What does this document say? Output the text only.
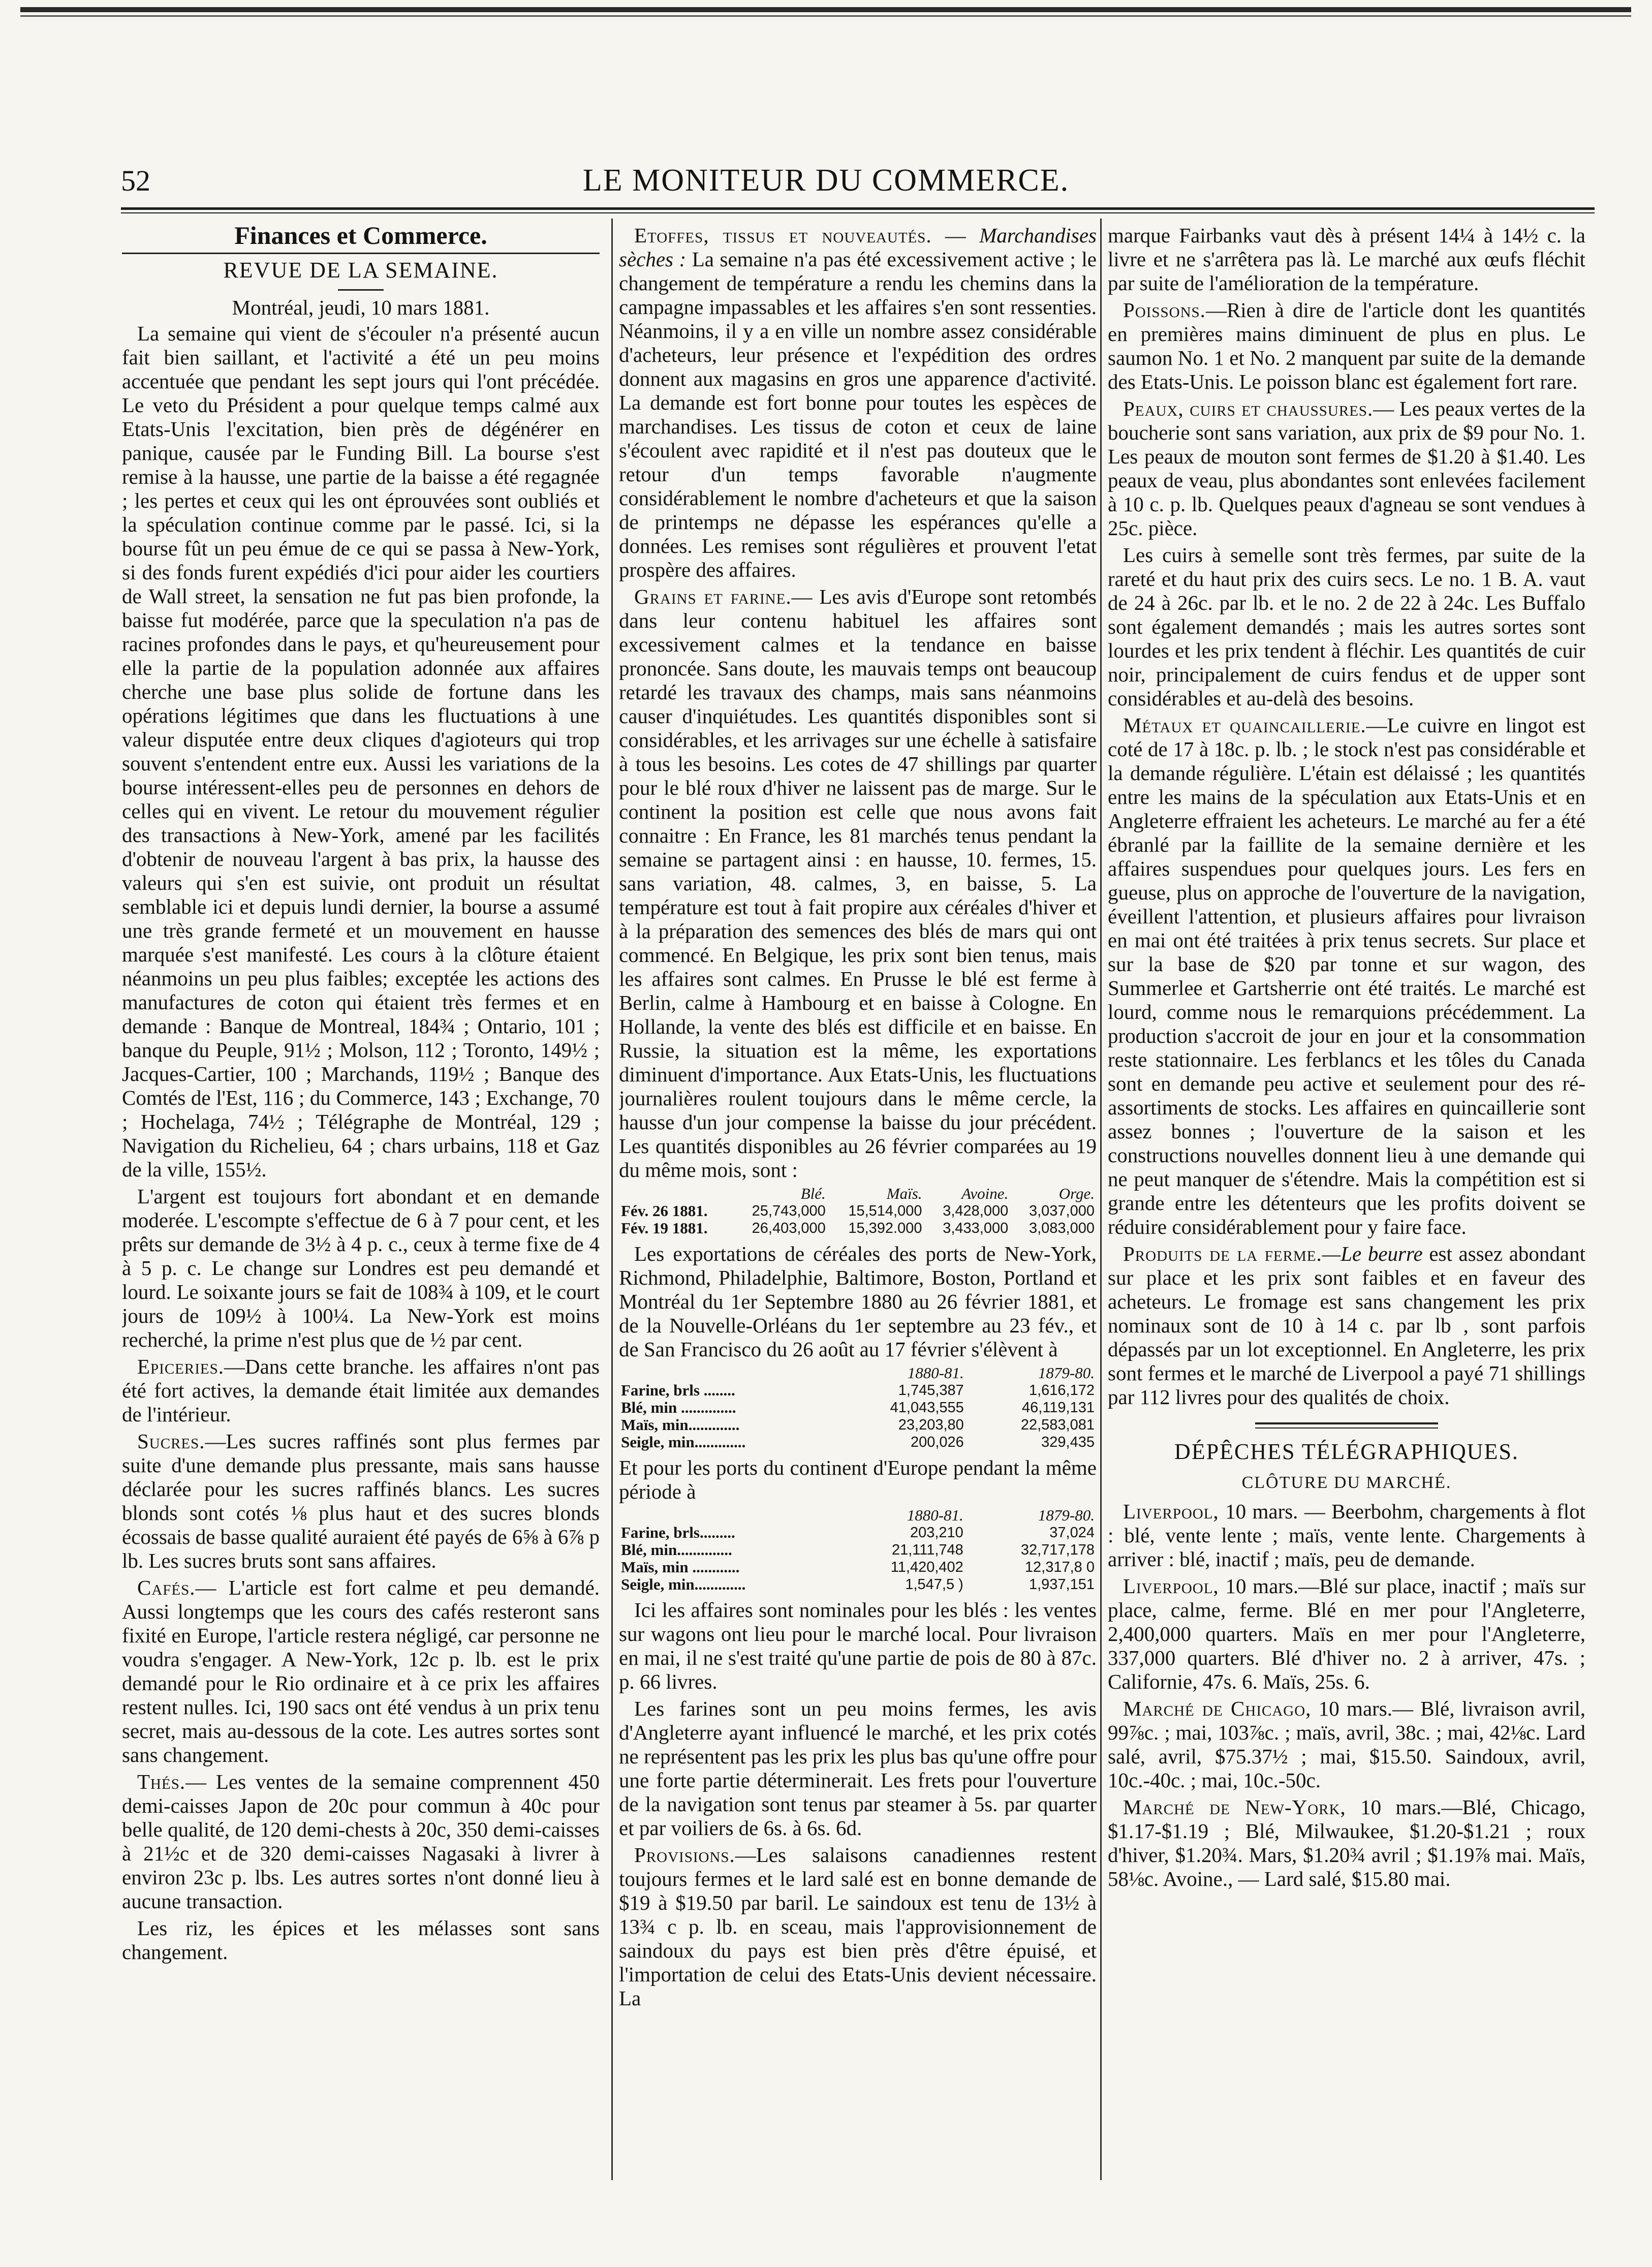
52	LE MONITEUR DU COMMERCE.
Finances et Commerce.
REVUE DE LA SEMAINE.
Montréal, jeudi, 10 mars 1881.

La semaine qui vient de s'écouler n'a présenté aucun fait bien saillant, et l'activité a été un peu moins accentuée que pendant les sept jours qui l'ont précédée. Le veto du Président a pour quelque temps calmé aux Etats-Unis l'excitation, bien près de dégénérer en panique, causée par le Funding Bill. La bourse s'est remise à la hausse, une partie de la baisse a été regagnée ; les pertes et ceux qui les ont éprouvées sont oubliés et la spéculation continue comme par le passé. Ici, si la bourse fût un peu émue de ce qui se passa à New-York, si des fonds furent expédiés d'ici pour aider les courtiers de Wall street, la sensation ne fut pas bien profonde, la baisse fut modérée, parce que la speculation n'a pas de racines profondes dans le pays, et qu'heureusement pour elle la partie de la population adonnée aux affaires cherche une base plus solide de fortune dans les opérations légitimes que dans les fluctuations à une valeur disputée entre deux cliques d'agioteurs qui trop souvent s'entendent entre eux. Aussi les variations de la bourse intéressent-elles peu de personnes en dehors de celles qui en vivent. Le retour du mouvement régulier des transactions à New-York, amené par les facilités d'obtenir de nouveau l'argent à bas prix, la hausse des valeurs qui s'en est suivie, ont produit un résultat semblable ici et depuis lundi dernier, la bourse a assumé une très grande fermeté et un mouvement en hausse marquée s'est manifesté. Les cours à la clôture étaient néanmoins un peu plus faibles; exceptée les actions des manufactures de coton qui étaient très fermes et en demande : Banque de Montreal, 184¾ ; Ontario, 101 ; banque du Peuple, 91½ ; Molson, 112 ; Toronto, 149½ ; Jacques-Cartier, 100 ; Marchands, 119½ ; Banque des Comtés de l'Est, 116 ; du Commerce, 143 ; Exchange, 70 ; Hochelaga, 74½ ; Télégraphe de Montréal, 129 ; Navigation du Richelieu, 64 ; chars urbains, 118 et Gaz de la ville, 155½.

L'argent est toujours fort abondant et en demande moderée. L'escompte s'effectue de 6 à 7 pour cent, et les prêts sur demande de 3½ à 4 p. c., ceux à terme fixe de 4 à 5 p. c. Le change sur Londres est peu demandé et lourd. Le soixante jours se fait de 108¾ à 109, et le court jours de 109½ à 100¼. La New-York est moins recherché, la prime n'est plus que de ½ par cent.

Epiceries.—Dans cette branche. les affaires n'ont pas été fort actives, la demande était limitée aux demandes de l'intérieur.

Sucres.—Les sucres raffinés sont plus fermes par suite d'une demande plus pressante, mais sans hausse déclarée pour les sucres raffinés blancs. Les sucres blonds sont cotés ⅛ plus haut et des sucres blonds écossais de basse qualité auraient été payés de 6⅝ à 6⅞ p lb. Les sucres bruts sont sans affaires.

Cafés.— L'article est fort calme et peu demandé. Aussi longtemps que les cours des cafés resteront sans fixité en Europe, l'article restera négligé, car personne ne voudra s'engager. A New-York, 12c p. lb. est le prix demandé pour le Rio ordinaire et à ce prix les affaires restent nulles. Ici, 190 sacs ont été vendus à un prix tenu secret, mais au-dessous de la cote. Les autres sortes sont sans changement.

Thés.— Les ventes de la semaine comprennent 450 demi-caisses Japon de 20c pour commun à 40c pour belle qualité, de 120 demi-chests à 20c, 350 demi-caisses à 21½c et de 320 demi-caisses Nagasaki à livrer à environ 23c p. lbs. Les autres sortes n'ont donné lieu à aucune transaction.

Les riz, les épices et les mélasses sont sans changement.

Etoffes, tissus et nouveautés. — Marchandises sèches : La semaine n'a pas été excessivement active ; le changement de température a rendu les chemins dans la campagne impassables et les affaires s'en sont ressenties. Néanmoins, il y a en ville un nombre assez considérable d'acheteurs, leur présence et l'expédition des ordres donnent aux magasins en gros une apparence d'activité. La demande est fort bonne pour toutes les espèces de marchandises. Les tissus de coton et ceux de laine s'écoulent avec rapidité et il n'est pas douteux que le retour d'un temps favorable n'augmente considérablement le nombre d'acheteurs et que la saison de printemps ne dépasse les espérances qu'elle a données. Les remises sont régulières et prouvent l'etat prospère des affaires.

Grains et farine.— Les avis d'Europe sont retombés dans leur contenu habituel les affaires sont excessivement calmes et la tendance en baisse prononcée. Sans doute, les mauvais temps ont beaucoup retardé les travaux des champs, mais sans néanmoins causer d'inquiétudes. Les quantités disponibles sont si considérables, et les arrivages sur une échelle à satisfaire à tous les besoins. Les cotes de 47 shillings par quarter pour le blé roux d'hiver ne laissent pas de marge. Sur le continent la position est celle que nous avons fait connaitre : En France, les 81 marchés tenus pendant la semaine se partagent ainsi : en hausse, 10. fermes, 15. sans variation, 48. calmes, 3, en baisse, 5. La température est tout à fait propire aux céréales d'hiver et à la préparation des semences des blés de mars qui ont commencé. En Belgique, les prix sont bien tenus, mais les affaires sont calmes. En Prusse le blé est ferme à Berlin, calme à Hambourg et en baisse à Cologne. En Hollande, la vente des blés est difficile et en baisse. En Russie, la situation est la même, les exportations diminuent d'importance. Aux Etats-Unis, les fluctuations journalières roulent toujours dans le même cercle, la hausse d'un jour compense la baisse du jour précédent. Les quantités disponibles au 26 février comparées au 19 du même mois, sont :

	Blé.	Maïs.	Avoine.	Orge.
Fév. 26 1881.	25,743,000	15,514,000	3,428,000	3,037,000
Fév. 19 1881.	26,403,000	15,392.000	3,433,000	3,083,000

Les exportations de céréales des ports de New-York, Richmond, Philadelphie, Baltimore, Boston, Portland et Montréal du 1er Septembre 1880 au 26 février 1881, et de la Nouvelle-Orléans du 1er septembre au 23 fév., et de San Francisco du 26 août au 17 février s'élèvent à

	1880-81.	1879-80.
Farine, brls ........	1,745,387	1,616,172
Blé, min ..............	41,043,555	46,119,131
Maïs, min.............	23,203,80	22,583,081
Seigle, min.............	200,026	329,435

Et pour les ports du continent d'Europe pendant la même période à

	1880-81.	1879-80.
Farine, brls.........	203,210	37,024
Blé, min..............	21,111,748	32,717,178
Maïs, min ............	11,420,402	12,317,8 0
Seigle, min.............	1,547,5 )	1,937,151

Ici les affaires sont nominales pour les blés : les ventes sur wagons ont lieu pour le marché local. Pour livraison en mai, il ne s'est traité qu'une partie de pois de 80 à 87c. p. 66 livres.

Les farines sont un peu moins fermes, les avis d'Angleterre ayant influencé le marché, et les prix cotés ne représentent pas les prix les plus bas qu'une offre pour une forte partie déterminerait. Les frets pour l'ouverture de la navigation sont tenus par steamer à 5s. par quarter et par voiliers de 6s. à 6s. 6d.

Provisions.—Les salaisons canadiennes restent toujours fermes et le lard salé est en bonne demande de $19 à $19.50 par baril. Le saindoux est tenu de 13½ à 13¾ c p. lb. en sceau, mais l'approvisionnement de saindoux du pays est bien près d'être épuisé, et l'importation de celui des Etats-Unis devient nécessaire. La

marque Fairbanks vaut dès à présent 14¼ à 14½ c. la livre et ne s'arrêtera pas là. Le marché aux œufs fléchit par suite de l'amélioration de la température.

Poissons.—Rien à dire de l'article dont les quantités en premières mains diminuent de plus en plus. Le saumon No. 1 et No. 2 manquent par suite de la demande des Etats-Unis. Le poisson blanc est également fort rare.

Peaux, cuirs et chaussures.— Les peaux vertes de la boucherie sont sans variation, aux prix de $9 pour No. 1. Les peaux de mouton sont fermes de $1.20 à $1.40. Les peaux de veau, plus abondantes sont enlevées facilement à 10 c. p. lb. Quelques peaux d'agneau se sont vendues à 25c. pièce.

Les cuirs à semelle sont très fermes, par suite de la rareté et du haut prix des cuirs secs. Le no. 1 B. A. vaut de 24 à 26c. par lb. et le no. 2 de 22 à 24c. Les Buffalo sont également demandés ; mais les autres sortes sont lourdes et les prix tendent à fléchir. Les quantités de cuir noir, principalement de cuirs fendus et de upper sont considérables et au-delà des besoins.

Métaux et quaincaillerie.—Le cuivre en lingot est coté de 17 à 18c. p. lb. ; le stock n'est pas considérable et la demande régulière. L'étain est délaissé ; les quantités entre les mains de la spéculation aux Etats-Unis et en Angleterre effraient les acheteurs. Le marché au fer a été ébranlé par la faillite de la semaine dernière et les affaires suspendues pour quelques jours. Les fers en gueuse, plus on approche de l'ouverture de la navigation, éveillent l'attention, et plusieurs affaires pour livraison en mai ont été traitées à prix tenus secrets. Sur place et sur la base de $20 par tonne et sur wagon, des Summerlee et Gartsherrie ont été traités. Le marché est lourd, comme nous le remarquions précédemment. La production s'accroit de jour en jour et la consommation reste stationnaire. Les ferblancs et les tôles du Canada sont en demande peu active et seulement pour des ré-assortiments de stocks. Les affaires en quincaillerie sont assez bonnes ; l'ouverture de la saison et les constructions nouvelles donnent lieu à une demande qui ne peut manquer de s'étendre. Mais la compétition est si grande entre les détenteurs que les profits doivent se réduire considérablement pour y faire face.

Produits de la ferme.—Le beurre est assez abondant sur place et les prix sont faibles et en faveur des acheteurs. Le fromage est sans changement les prix nominaux sont de 10 à 14 c. par lb , sont parfois dépassés par un lot exceptionnel. En Angleterre, les prix sont fermes et le marché de Liverpool a payé 71 shillings par 112 livres pour des qualités de choix.

DÉPÊCHES TÉLÉGRAPHIQUES.
CLÔTURE DU MARCHÉ.

Liverpool, 10 mars. — Beerbohm, chargements à flot : blé, vente lente ; maïs, vente lente. Chargements à arriver : blé, inactif ; maïs, peu de demande.

Liverpool, 10 mars.—Blé sur place, inactif ; maïs sur place, calme, ferme. Blé en mer pour l'Angleterre, 2,400,000 quarters. Maïs en mer pour l'Angleterre, 337,000 quarters. Blé d'hiver no. 2 à arriver, 47s. ; Californie, 47s. 6. Maïs, 25s. 6.

Marché de Chicago, 10 mars.— Blé, livraison avril, 99⅞c. ; mai, 103⅞c. ; maïs, avril, 38c. ; mai, 42⅛c. Lard salé, avril, $75.37½ ; mai, $15.50. Saindoux, avril, 10c.-40c. ; mai, 10c.-50c.

Marché de New-York, 10 mars.—Blé, Chicago, $1.17-$1.19 ; Blé, Milwaukee, $1.20-$1.21 ; roux d'hiver, $1.20¾. Mars, $1.20¾ avril ; $1.19⅞ mai. Maïs, 58⅛c. Avoine., — Lard salé, $15.80 mai.
